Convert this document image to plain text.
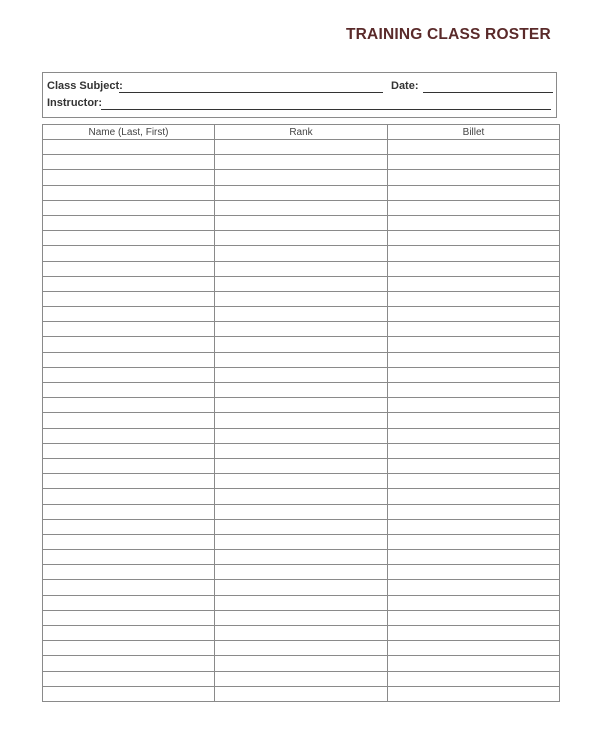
TRAINING CLASS ROSTER
Class Subject:	Date:
Instructor:
Name (Last, First)	Rank	Billet
